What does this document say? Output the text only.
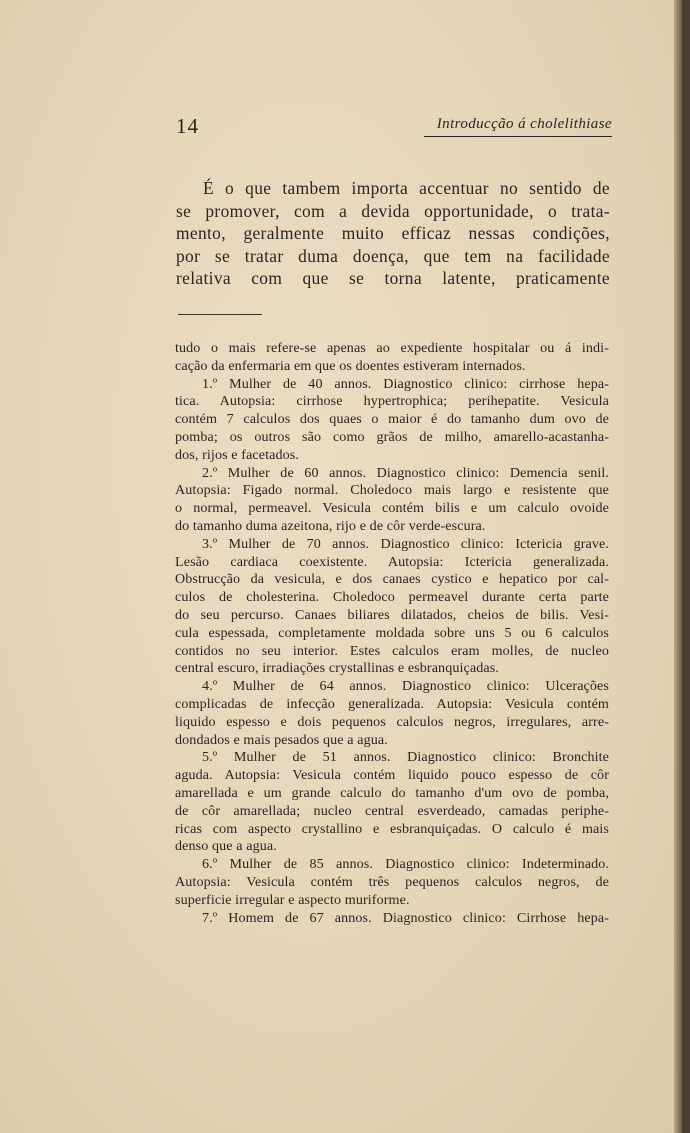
14	Introducção á cholelithiase
É o que tambem importa accentuar no sentido de
se promover, com a devida opportunidade, o trata-
mento, geralmente muito efficaz nessas condições,
por se tratar duma doença, que tem na facilidade
relativa com que se torna latente, praticamente
tudo o mais refere-se apenas ao expediente hospitalar ou á indi-
cação da enfermaria em que os doentes estiveram internados.
1.º Mulher de 40 annos. Diagnostico clinico: cirrhose hepa-
tica. Autopsia: cirrhose hypertrophica; perihepatite. Vesicula
contém 7 calculos dos quaes o maior é do tamanho dum ovo de
pomba; os outros são como grãos de milho, amarello-acastanha-
dos, rijos e facetados.
2.º Mulher de 60 annos. Diagnostico clinico: Demencia senil.
Autopsia: Figado normal. Choledoco mais largo e resistente que
o normal, permeavel. Vesicula contém bilis e um calculo ovoide
do tamanho duma azeitona, rijo e de côr verde-escura.
3.º Mulher de 70 annos. Diagnostico clinico: Ictericia grave.
Lesão cardiaca coexistente. Autopsia: Ictericia generalizada.
Obstrucção da vesicula, e dos canaes cystico e hepatico por cal-
culos de cholesterina. Choledoco permeavel durante certa parte
do seu percurso. Canaes biliares dilatados, cheios de bilis. Vesi-
cula espessada, completamente moldada sobre uns 5 ou 6 calculos
contidos no seu interior. Estes calculos eram molles, de nucleo
central escuro, irradiações crystallinas e esbranquiçadas.
4.º Mulher de 64 annos. Diagnostico clinico: Ulcerações
complicadas de infecção generalizada. Autopsia: Vesicula contém
liquido espesso e dois pequenos calculos negros, irregulares, arre-
dondados e mais pesados que a agua.
5.º Mulher de 51 annos. Diagnostico clinico: Bronchite
aguda. Autopsia: Vesicula contém liquido pouco espesso de côr
amarellada e um grande calculo do tamanho d'um ovo de pomba,
de côr amarellada; nucleo central esverdeado, camadas periphe-
ricas com aspecto crystallino e esbranquiçadas. O calculo é mais
denso que a agua.
6.º Mulher de 85 annos. Diagnostico clinico: Indeterminado.
Autopsia: Vesicula contém três pequenos calculos negros, de
superficie irregular e aspecto muriforme.
7.º Homem de 67 annos. Diagnostico clinico: Cirrhose hepa-
